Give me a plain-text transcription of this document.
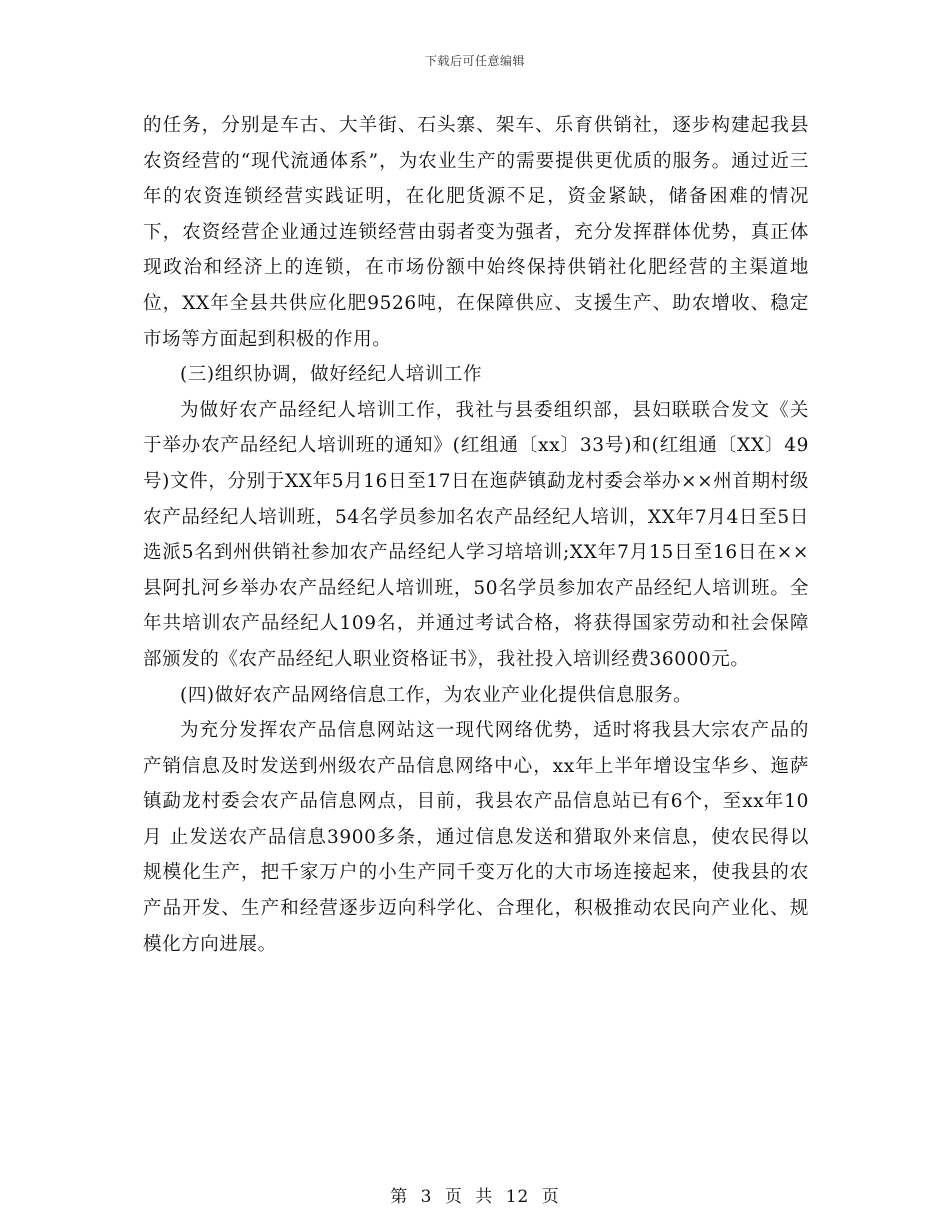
下载后可任意编辑

的任务，分别是车古、大羊街、石头寨、架车、乐育供销社，逐步构建起我县农资经营的“现代流通体系”，为农业生产的需要提供更优质的服务。通过近三年的农资连锁经营实践证明，在化肥货源不足，资金紧缺，储备困难的情况下，农资经营企业通过连锁经营由弱者变为强者，充分发挥群体优势，真正体现政治和经济上的连锁，在市场份额中始终保持供销社化肥经营的主渠道地位，XX年全县共供应化肥9526吨，在保障供应、支援生产、助农增收、稳定市场等方面起到积极的作用。

(三)组织协调，做好经纪人培训工作

为做好农产品经纪人培训工作，我社与县委组织部，县妇联联合发文《关于举办农产品经纪人培训班的通知》(红组通〔xx〕33号)和(红组通〔XX〕49号)文件，分别于XX年5月16日至17日在迤萨镇勐龙村委会举办××州首期村级农产品经纪人培训班，54名学员参加名农产品经纪人培训，XX年7月4日至5日选派5名到州供销社参加农产品经纪人学习培培训;XX年7月15日至16日在××县阿扎河乡举办农产品经纪人培训班，50名学员参加农产品经纪人培训班。全年共培训农产品经纪人109名，并通过考试合格，将获得国家劳动和社会保障部颁发的《农产品经纪人职业资格证书》，我社投入培训经费36000元。

(四)做好农产品网络信息工作，为农业产业化提供信息服务。

为充分发挥农产品信息网站这一现代网络优势，适时将我县大宗农产品的产销信息及时发送到州级农产品信息网络中心，xx年上半年增设宝华乡、迤萨镇勐龙村委会农产品信息网点，目前，我县农产品信息站已有6个，至xx年10月 止发送农产品信息3900多条，通过信息发送和猎取外来信息，使农民得以规模化生产，把千家万户的小生产同千变万化的大市场连接起来，使我县的农产品开发、生产和经营逐步迈向科学化、合理化，积极推动农民向产业化、规模化方向进展。

第 3 页 共 12 页
